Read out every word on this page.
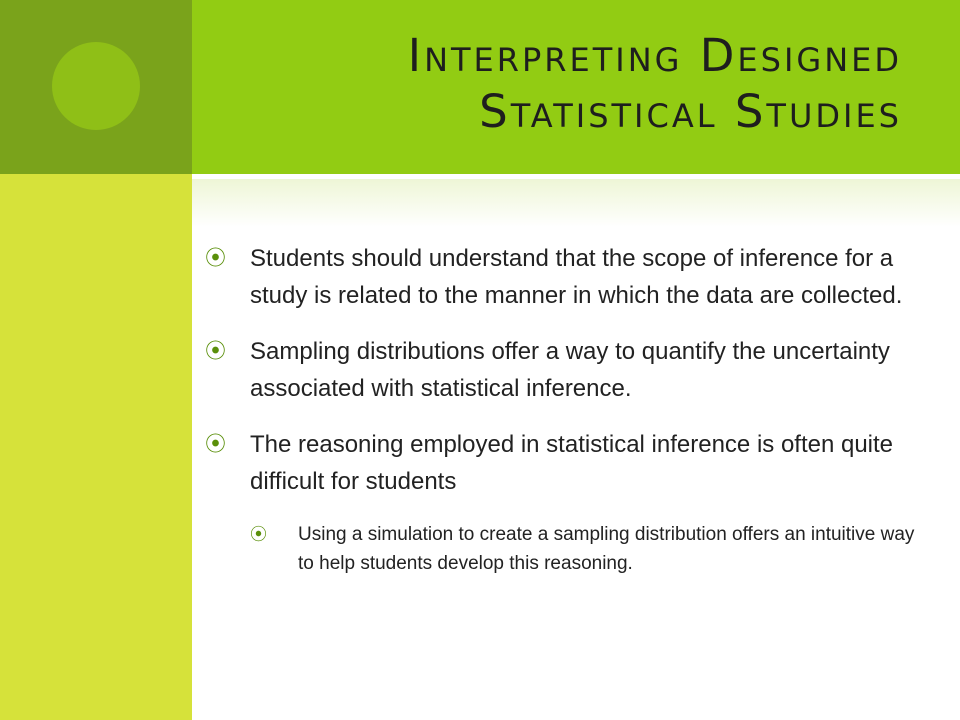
Interpreting Designed
Statistical Studies
⦿ Students should understand that the scope of inference for a study is related to the manner in which the data are collected.
⦿ Sampling distributions offer a way to quantify the uncertainty associated with statistical inference.
⦿ The reasoning employed in statistical inference is often quite difficult for students
⦿ Using a simulation to create a sampling distribution offers an intuitive way to help students develop this reasoning.
